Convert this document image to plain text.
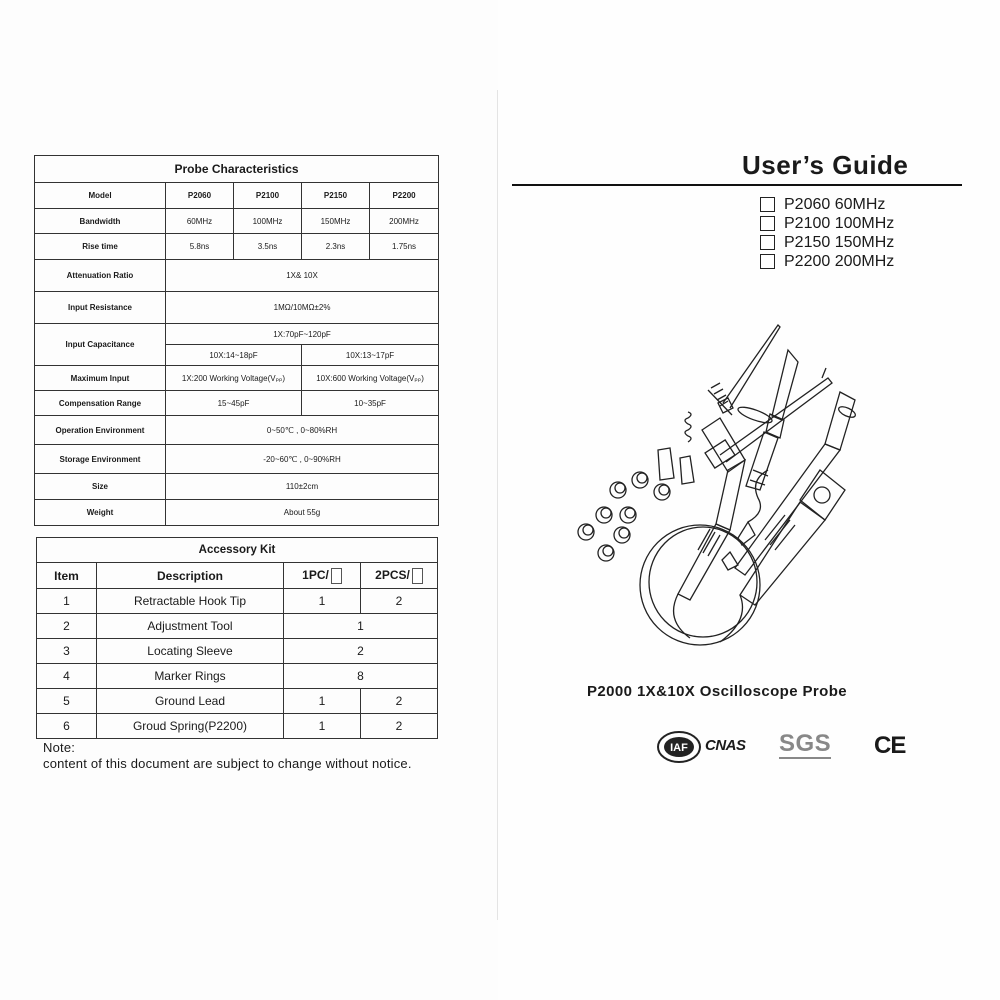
Probe Characteristics				
Model	P2060	P2100	P2150	P2200
Bandwidth	60MHz	100MHz	150MHz	200MHz
Rise time	5.8ns	3.5ns	2.3ns	1.75ns
Attenuation Ratio	1X& 10X			
Input Resistance	1MΩ/10MΩ±2%			
Input Capacitance	1X:70pF~120pF			
	10X:14~18pF		10X:13~17pF	
Maximum Input	1X:200 Working Voltage(Vₚₚ)		10X:600 Working Voltage(Vₚₚ)	
Compensation Range	15~45pF		10~35pF	
Operation Environment	0~50℃ , 0~80%RH			
Storage Environment	-20~60℃ , 0~90%RH			
Size	110±2cm			
Weight	About 55g			
Accessory Kit			
Item	Description	1PC/	2PCS/
1	Retractable Hook Tip	1	2
2	Adjustment Tool	1	
3	Locating Sleeve	2	
4	Marker Rings	8	
5	Ground Lead	1	2
6	Groud Spring(P2200)	1	2
Note:
content of this document are subject to change without notice.
User’s Guide
P2060 60MHz
P2100 100MHz
P2150 150MHz
P2200 200MHz
P2000 1X&10X Oscilloscope Probe
IAF CNAS SGS CE
